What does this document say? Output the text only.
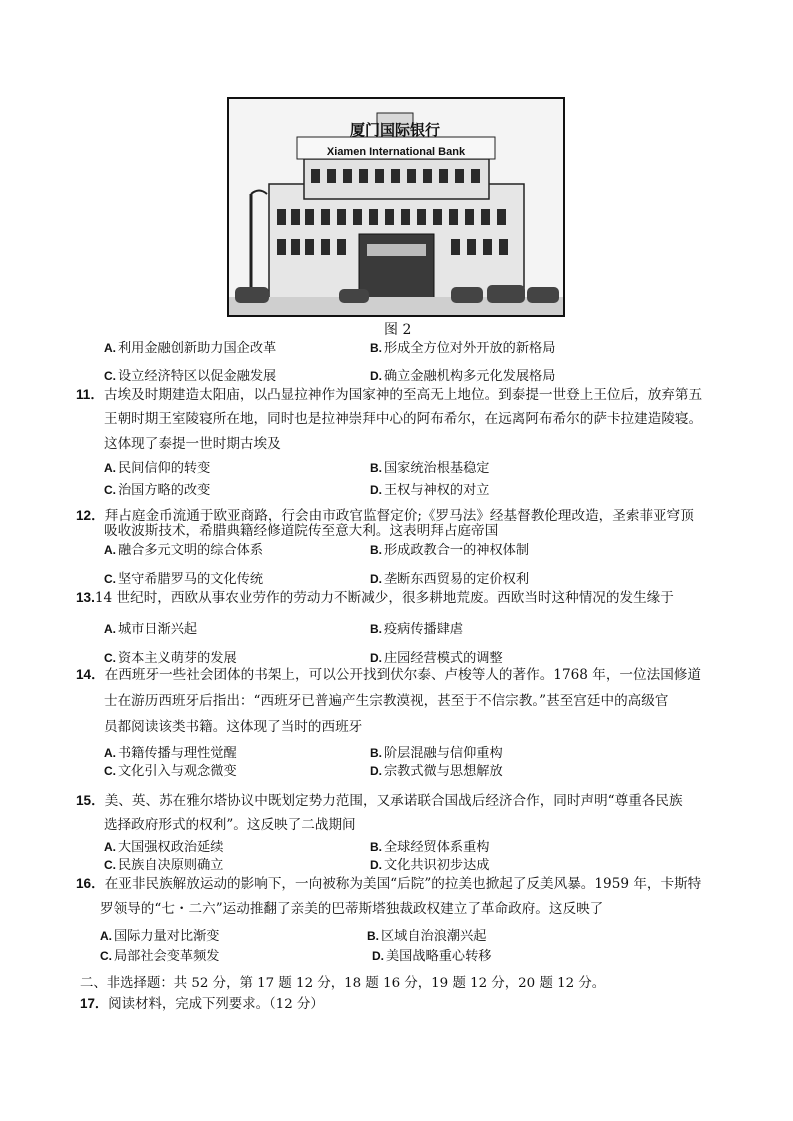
厦门国际银行
Xiamen International Bank
图 2
A. 利用金融创新助力国企改革	B. 形成全方位对外开放的新格局
C. 设立经济特区以促金融发展	D. 确立金融机构多元化发展格局
11．古埃及时期建造太阳庙，以凸显拉神作为国家神的至高无上地位。到泰提一世登上王位后，放弃第五
王朝时期王室陵寝所在地，同时也是拉神崇拜中心的阿布希尔，在远离阿布希尔的萨卡拉建造陵寝。
这体现了泰提一世时期古埃及
A. 民间信仰的转变	B. 国家统治根基稳定
C. 治国方略的改变	D. 王权与神权的对立
12．拜占庭金币流通于欧亚商路，行会由市政官监督定价;《罗马法》经基督教伦理改造，圣索菲亚穹顶
吸收波斯技术，希腊典籍经修道院传至意大利。这表明拜占庭帝国
A. 融合多元文明的综合体系	B. 形成政教合一的神权体制
C. 坚守希腊罗马的文化传统	D. 垄断东西贸易的定价权利
13.14 世纪时，西欧从事农业劳作的劳动力不断减少，很多耕地荒废。西欧当时这种情况的发生缘于
A. 城市日渐兴起	B. 疫病传播肆虐
C. 资本主义萌芽的发展	D. 庄园经营模式的调整
14．在西班牙一些社会团体的书架上，可以公开找到伏尔泰、卢梭等人的著作。1768 年，一位法国修道
士在游历西班牙后指出：“西班牙已普遍产生宗教漠视，甚至于不信宗教。”甚至宫廷中的高级官
员都阅读该类书籍。这体现了当时的西班牙
A. 书籍传播与理性觉醒	B. 阶层混融与信仰重构
C. 文化引入与观念微变	D. 宗教式微与思想解放
15．美、英、苏在雅尔塔协议中既划定势力范围，又承诺联合国战后经济合作，同时声明“尊重各民族
选择政府形式的权利”。这反映了二战期间
A. 大国强权政治延续	B. 全球经贸体系重构
C. 民族自决原则确立	D. 文化共识初步达成
16．在亚非民族解放运动的影响下，一向被称为美国“后院”的拉美也掀起了反美风暴。1959 年，卡斯特
罗领导的“七・二六”运动推翻了亲美的巴蒂斯塔独裁政权建立了革命政府。这反映了
A. 国际力量对比渐变	B. 区域自治浪潮兴起
C. 局部社会变革频发	D. 美国战略重心转移
二、非选择题：共 52 分，第 17 题 12 分，18 题 16 分，19 题 12 分，20 题 12 分。
17．阅读材料，完成下列要求。（12 分）
